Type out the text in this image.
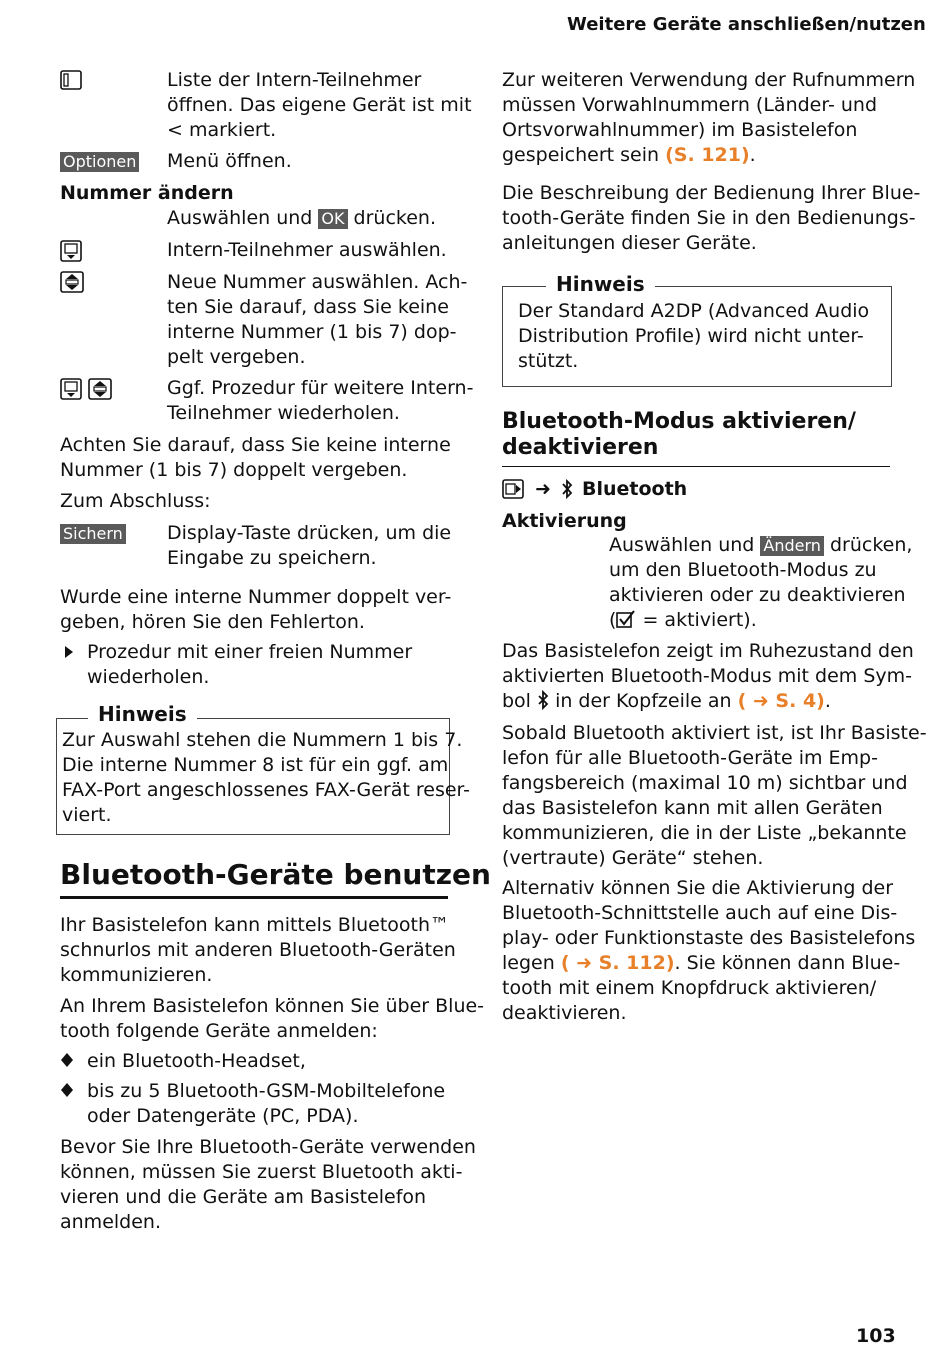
Weitere Geräte anschließen/nutzen
Liste der Intern-Teilnehmer
öffnen. Das eigene Gerät ist mit
< markiert.
Optionen Menü öffnen.
Nummer ändern
Auswählen und OK drücken.
Intern-Teilnehmer auswählen.
Neue Nummer auswählen. Ach-
ten Sie darauf, dass Sie keine
interne Nummer (1 bis 7) dop-
pelt vergeben.
Ggf. Prozedur für weitere Intern-
Teilnehmer wiederholen.
Achten Sie darauf, dass Sie keine interne
Nummer (1 bis 7) doppelt vergeben.
Zum Abschluss:
Sichern Display-Taste drücken, um die
Eingabe zu speichern.
Wurde eine interne Nummer doppelt ver-
geben, hören Sie den Fehlerton.
Prozedur mit einer freien Nummer
wiederholen.
Hinweis
Zur Auswahl stehen die Nummern 1 bis 7.
Die interne Nummer 8 ist für ein ggf. am
FAX-Port angeschlossenes FAX-Gerät reser-
viert.
Bluetooth-Geräte benutzen
Ihr Basistelefon kann mittels Bluetooth™
schnurlos mit anderen Bluetooth-Geräten
kommunizieren.
An Ihrem Basistelefon können Sie über Blue-
tooth folgende Geräte anmelden:
ein Bluetooth-Headset,
bis zu 5 Bluetooth-GSM-Mobiltelefone
oder Datengeräte (PC, PDA).
Bevor Sie Ihre Bluetooth-Geräte verwenden
können, müssen Sie zuerst Bluetooth akti-
vieren und die Geräte am Basistelefon
anmelden.
Zur weiteren Verwendung der Rufnummern
müssen Vorwahlnummern (Länder- und
Ortsvorwahlnummer) im Basistelefon
gespeichert sein (S. 121).
Die Beschreibung der Bedienung Ihrer Blue-
tooth-Geräte finden Sie in den Bedienungs-
anleitungen dieser Geräte.
Hinweis
Der Standard A2DP (Advanced Audio
Distribution Profile) wird nicht unter-
stützt.
Bluetooth-Modus aktivieren/
deaktivieren
➜ Bluetooth
Aktivierung
Auswählen und Ändern drücken,
um den Bluetooth-Modus zu
aktivieren oder zu deaktivieren
( = aktiviert).
Das Basistelefon zeigt im Ruhezustand den
aktivierten Bluetooth-Modus mit dem Sym-
bol in der Kopfzeile an ( ➜ S. 4).
Sobald Bluetooth aktiviert ist, ist Ihr Basiste-
lefon für alle Bluetooth-Geräte im Emp-
fangsbereich (maximal 10 m) sichtbar und
das Basistelefon kann mit allen Geräten
kommunizieren, die in der Liste „bekannte
(vertraute) Geräte“ stehen.
Alternativ können Sie die Aktivierung der
Bluetooth-Schnittstelle auch auf eine Dis-
play- oder Funktionstaste des Basistelefons
legen ( ➜ S. 112). Sie können dann Blue-
tooth mit einem Knopfdruck aktivieren/
deaktivieren.
103
